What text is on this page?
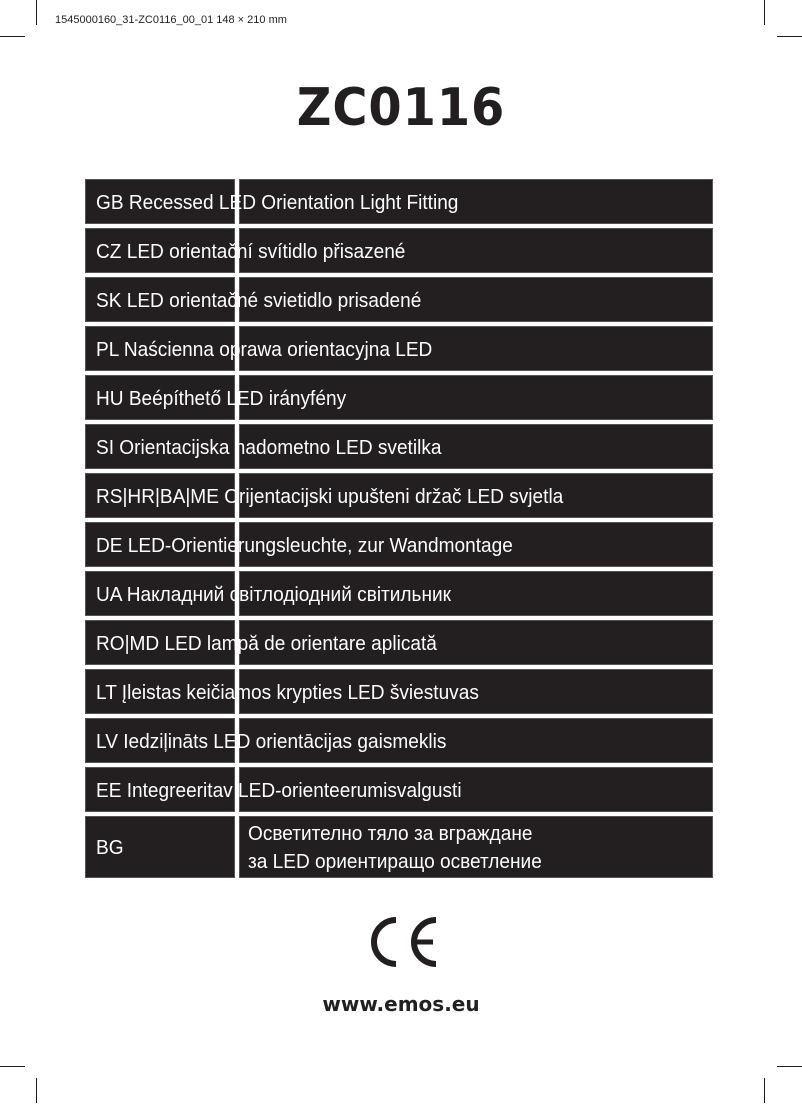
1545000160_31-ZC0116_00_01 148 × 210 mm
ZC0116
GB Recessed LED Orientation Light Fitting
CZ LED orientační svítidlo přisazené
SK LED orientačné svietidlo prisadené
PL Naścienna oprawa orientacyjna LED
HU Beépíthető LED irányfény
SI Orientacijska nadometno LED svetilka
RS|HR|BA|ME Orijentacijski upušteni držač LED svjetla
DE LED-Orientierungsleuchte, zur Wandmontage
UA Накладний світлодіодний світильник
RO|MD LED lampă de orientare aplicată
LT Įleistas keičiamos krypties LED šviestuvas
LV Iedziļināts LED orientācijas gaismeklis
EE Integreeritav LED-orienteerumisvalgusti
BG
Осветително тяло за вграждане
за LED ориентиращо осветление
www.emos.eu
